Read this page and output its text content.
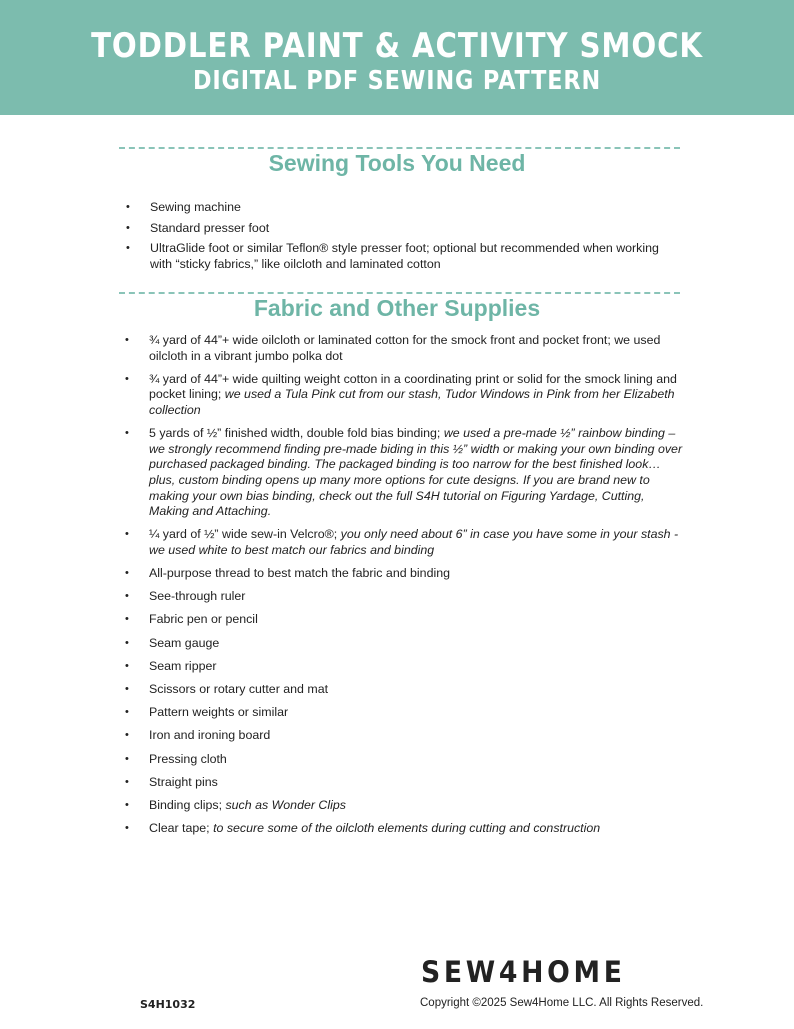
TODDLER PAINT & ACTIVITY SMOCK
DIGITAL PDF SEWING PATTERN
Sewing Tools You Need
• Sewing machine
• Standard presser foot
• UltraGlide foot or similar Teflon® style presser foot; optional but recommended when working with “sticky fabrics,” like oilcloth and laminated cotton
Fabric and Other Supplies
• ¾ yard of 44”+ wide oilcloth or laminated cotton for the smock front and pocket front; we used oilcloth in a vibrant jumbo polka dot
• ¾ yard of 44”+ wide quilting weight cotton in a coordinating print or solid for the smock lining and pocket lining; we used a Tula Pink cut from our stash, Tudor Windows in Pink from her Elizabeth collection
• 5 yards of ½” finished width, double fold bias binding; we used a pre-made ½” rainbow binding – we strongly recommend finding pre-made biding in this ½” width or making your own binding over purchased packaged binding. The packaged binding is too narrow for the best finished look… plus, custom binding opens up many more options for cute designs. If you are brand new to making your own bias binding, check out the full S4H tutorial on Figuring Yardage, Cutting, Making and Attaching.
• ¼ yard of ½” wide sew-in Velcro®; you only need about 6” in case you have some in your stash - we used white to best match our fabrics and binding
• All-purpose thread to best match the fabric and binding
• See-through ruler
• Fabric pen or pencil
• Seam gauge
• Seam ripper
• Scissors or rotary cutter and mat
• Pattern weights or similar
• Iron and ironing board
• Pressing cloth
• Straight pins
• Binding clips; such as Wonder Clips
• Clear tape; to secure some of the oilcloth elements during cutting and construction
SEW4HOME
Copyright ©2025 Sew4Home LLC. All Rights Reserved.
S4H1032
